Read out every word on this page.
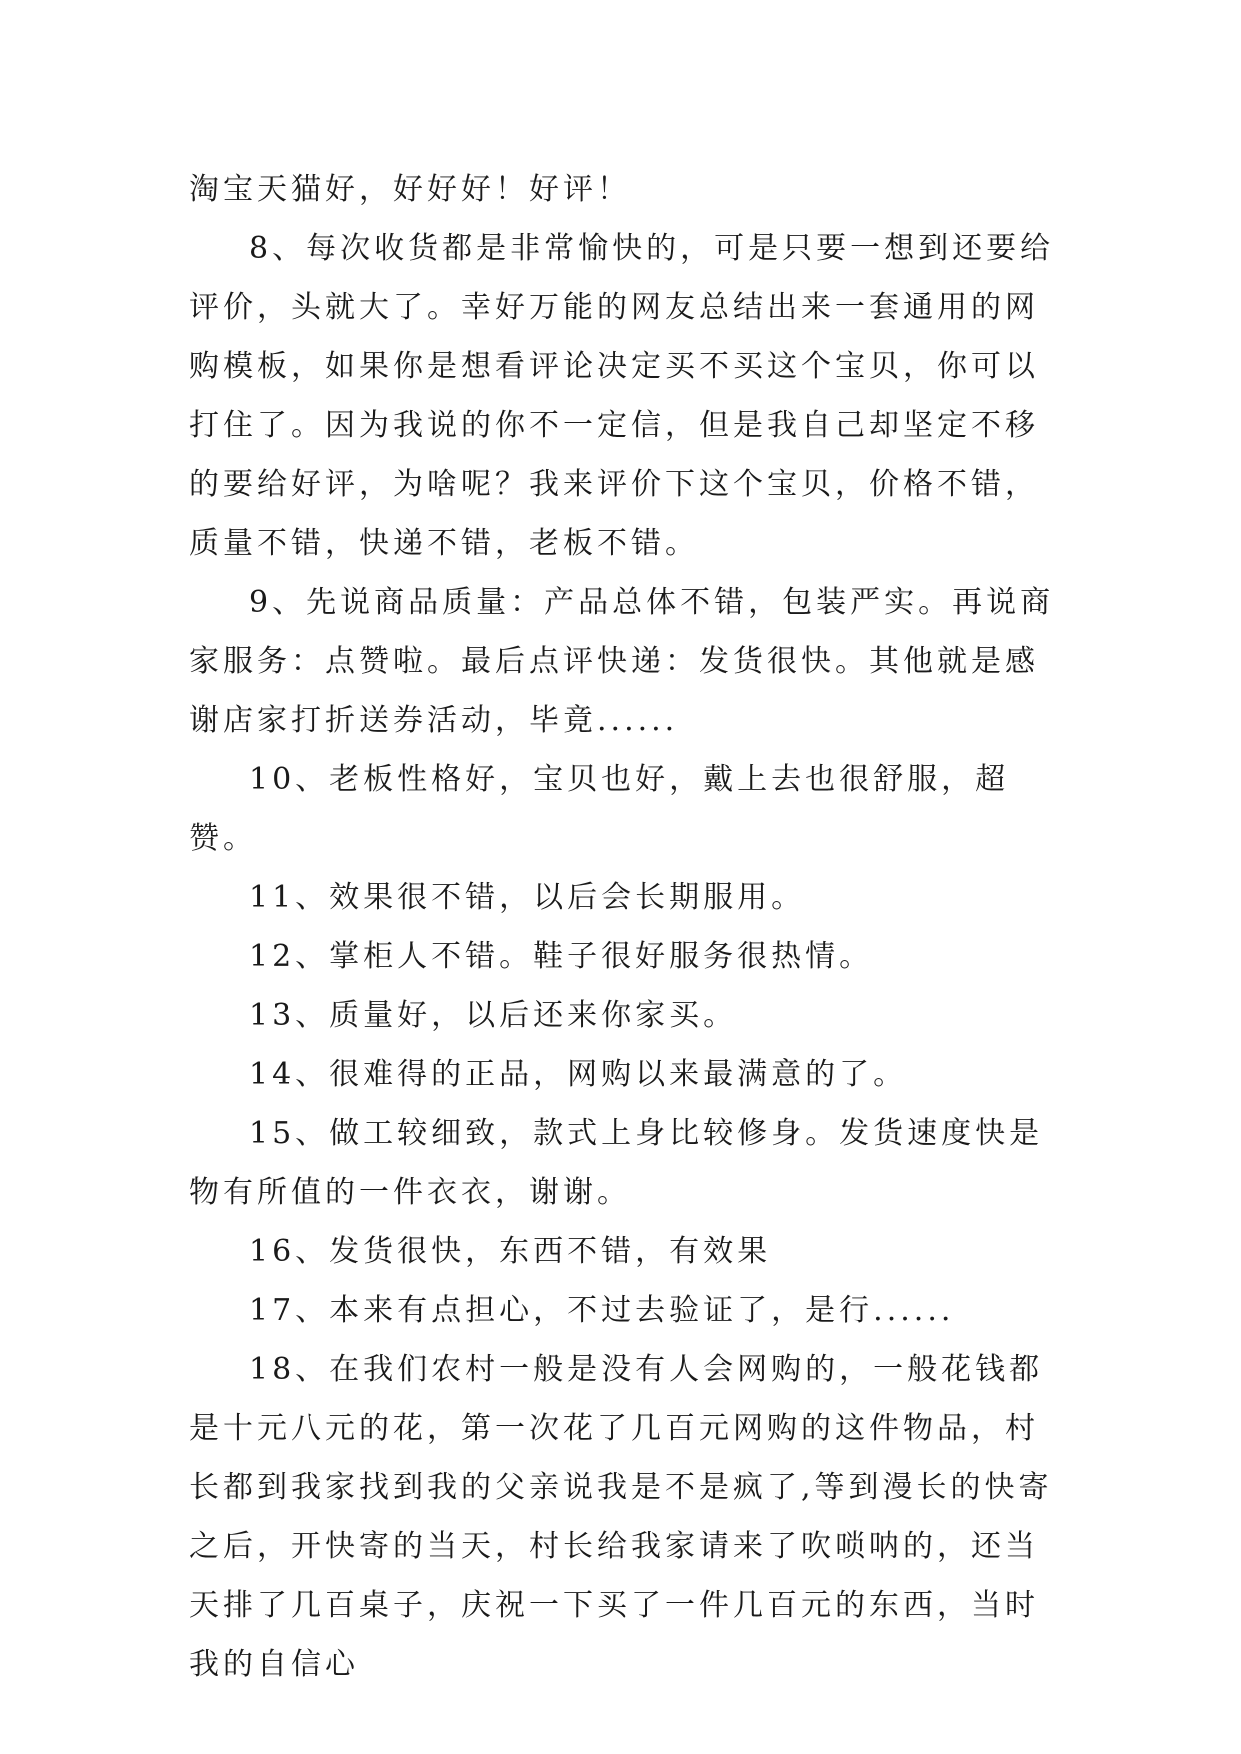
淘宝天猫好，好好好！好评！

8、每次收货都是非常愉快的，可是只要一想到还要给评价，头就大了。幸好万能的网友总结出来一套通用的网购模板，如果你是想看评论决定买不买这个宝贝，你可以打住了。因为我说的你不一定信，但是我自己却坚定不移的要给好评，为啥呢？我来评价下这个宝贝，价格不错，质量不错，快递不错，老板不错。

9、先说商品质量：产品总体不错，包装严实。再说商家服务：点赞啦。最后点评快递：发货很快。其他就是感谢店家打折送券活动，毕竟......

10、老板性格好，宝贝也好，戴上去也很舒服，超赞。

11、效果很不错，以后会长期服用。

12、掌柜人不错。鞋子很好服务很热情。

13、质量好，以后还来你家买。

14、很难得的正品，网购以来最满意的了。

15、做工较细致，款式上身比较修身。发货速度快是物有所值的一件衣衣，谢谢。

16、发货很快，东西不错，有效果

17、本来有点担心，不过去验证了，是行......

18、在我们农村一般是没有人会网购的，一般花钱都是十元八元的花，第一次花了几百元网购的这件物品，村长都到我家找到我的父亲说我是不是疯了,等到漫长的快寄之后，开快寄的当天，村长给我家请来了吹唢呐的，还当天排了几百桌子，庆祝一下买了一件几百元的东西，当时我的自信心
